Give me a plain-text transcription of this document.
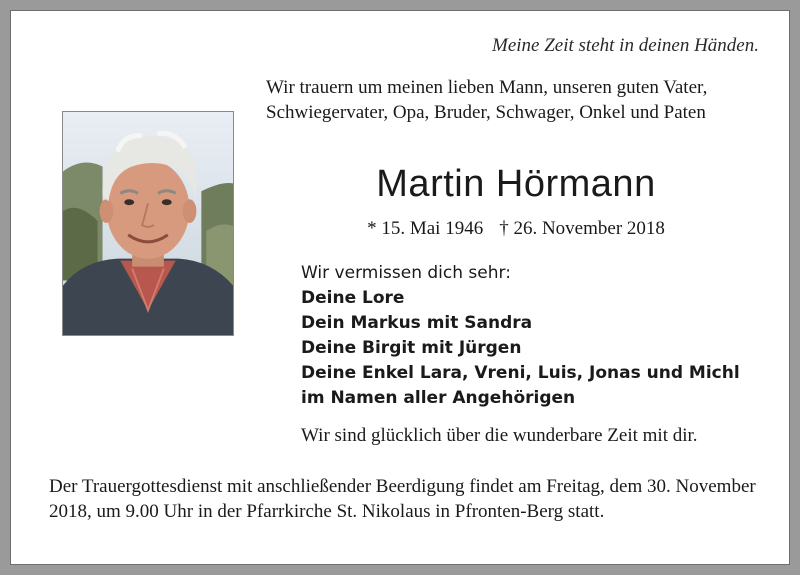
Meine Zeit steht in deinen Händen.
Wir trauern um meinen lieben Mann, unseren guten Vater, Schwiegervater, Opa, Bruder, Schwager, Onkel und Paten
Martin Hörmann
* 15. Mai 1946 † 26. November 2018
Wir vermissen dich sehr:
Deine Lore
Dein Markus mit Sandra
Deine Birgit mit Jürgen
Deine Enkel Lara, Vreni, Luis, Jonas und Michl
im Namen aller Angehörigen
Wir sind glücklich über die wunderbare Zeit mit dir.
Der Trauergottesdienst mit anschließender Beerdigung findet am Freitag, dem 30. November 2018, um 9.00 Uhr in der Pfarrkirche St. Nikolaus in Pfronten-Berg statt.
